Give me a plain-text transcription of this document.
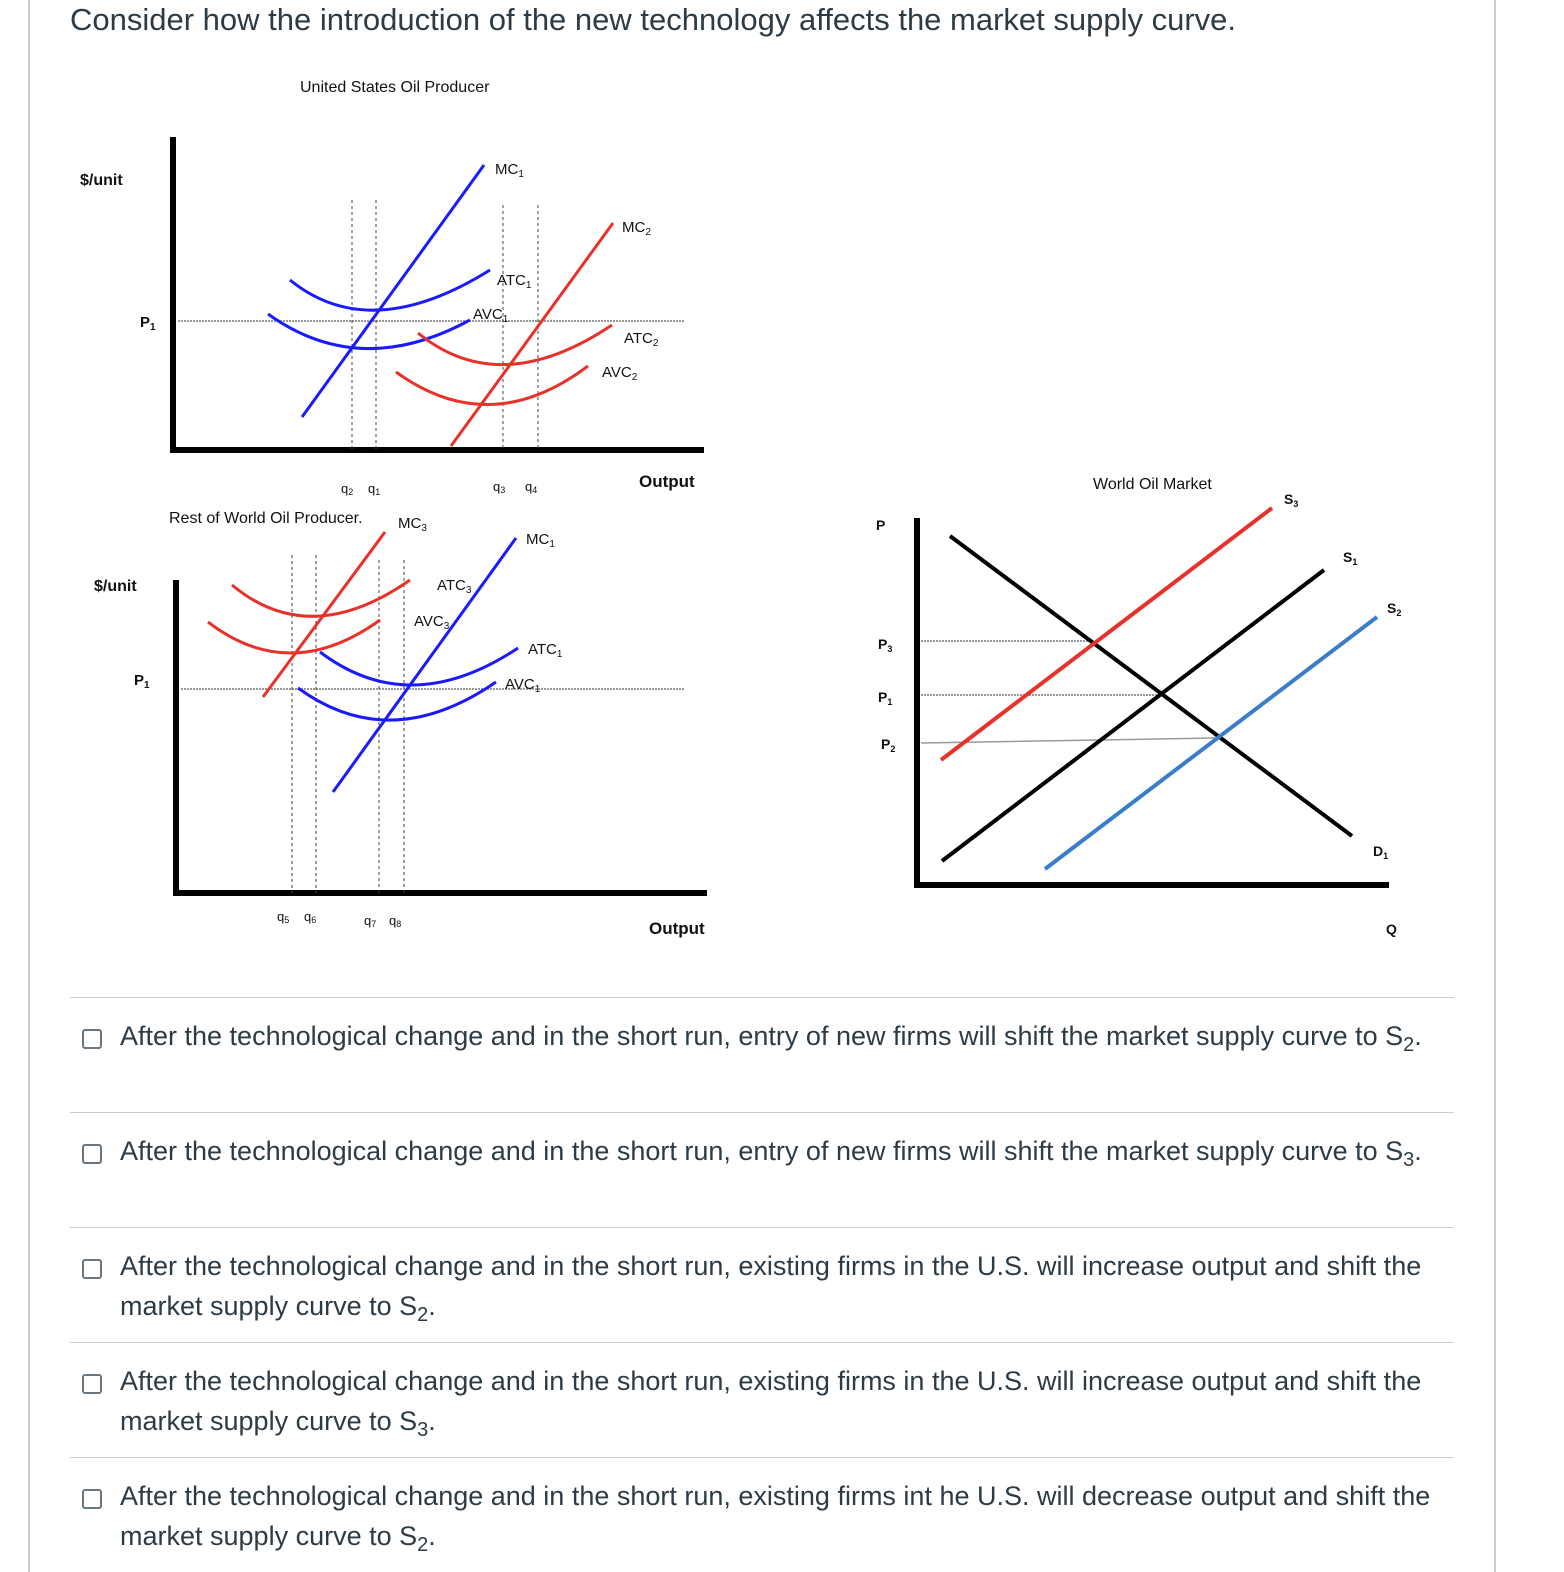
Consider how the introduction of the new technology affects the market supply curve.
United States Oil Producer
$/unit
$P_1$
$MC_1$
$MC_2$
$ATC_1$
$AVC_1$
$ATC_2$
$AVC_2$
q2 q1	q3 q4	Output
Rest of World Oil Producer.
$/unit
$P_1$
$MC_3$
$MC_1$
$ATC_3$
$AVC_3$
$ATC_1$
$AVC_1$
q5 q6	q7 q8	Output
World Oil Market
P
$P_3$
$P_1$
$P_2$
$S_3$
$S_1$
$S_2$
$D_1$
Q
After the technological change and in the short run, entry of new firms will shift the market supply curve to $S_2$.
After the technological change and in the short run, entry of new firms will shift the market supply curve to $S_3$.
After the technological change and in the short run, existing firms in the U.S. will increase output and shift the market supply curve to $S_2$.
After the technological change and in the short run, existing firms in the U.S. will increase output and shift the market supply curve to $S_3$.
After the technological change and in the short run, existing firms int he U.S. will decrease output and shift the market supply curve to $S_2$.
